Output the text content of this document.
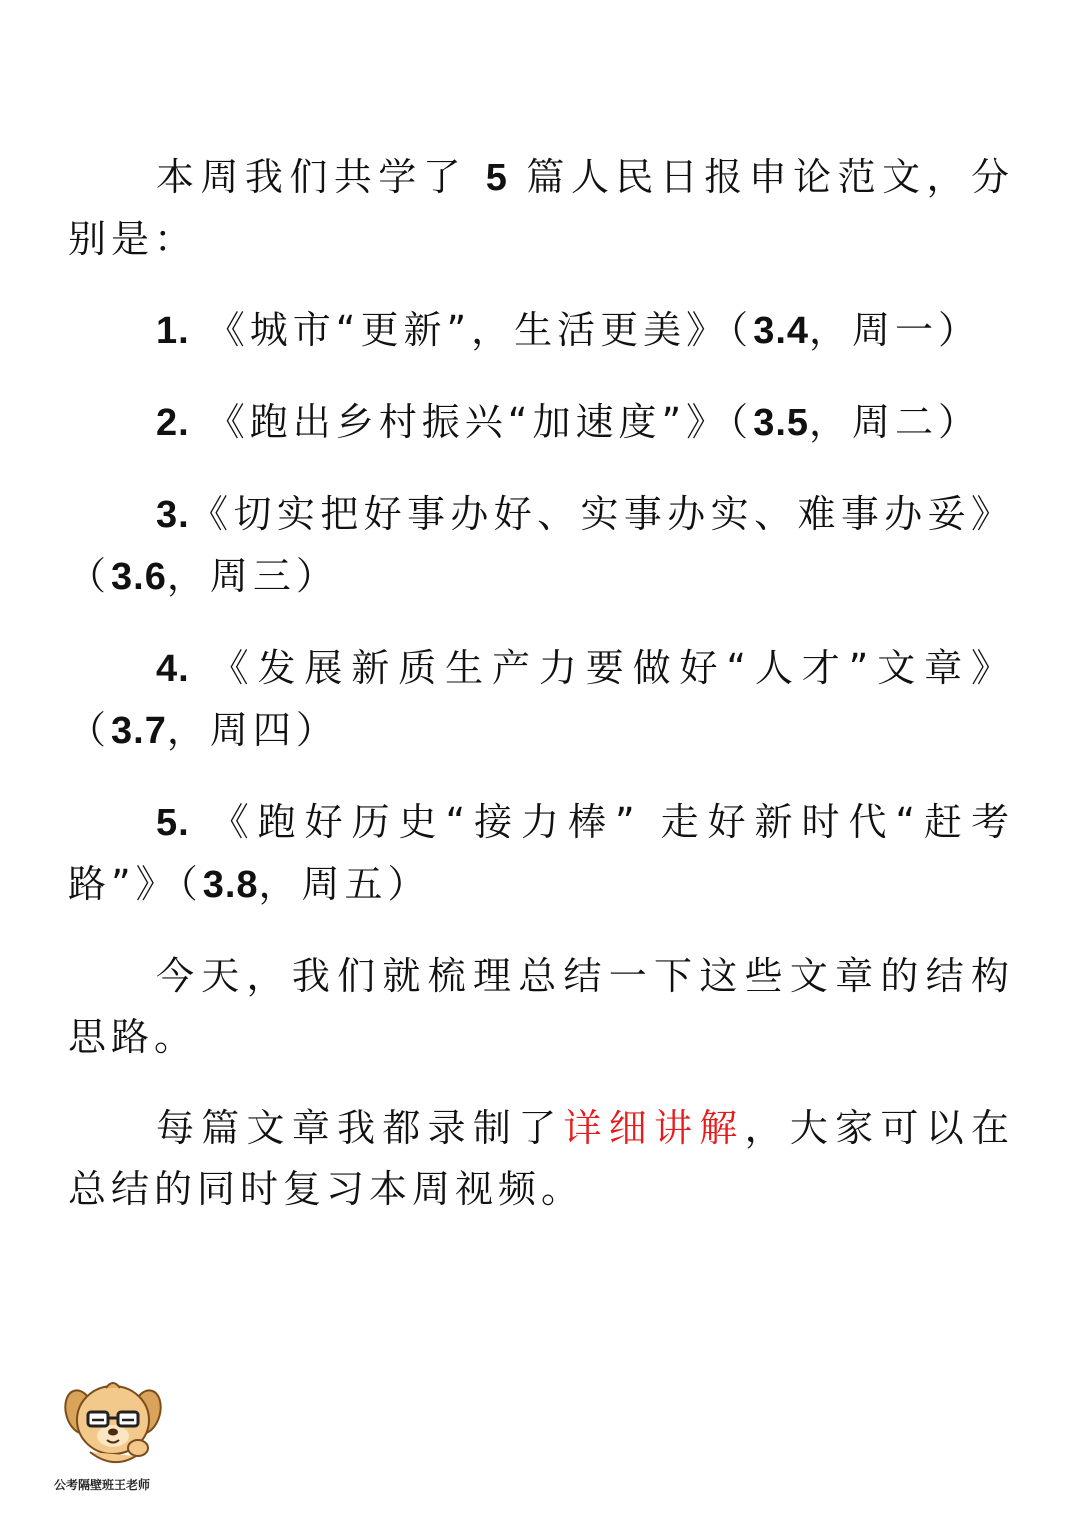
本周我们共学了 5 篇人民日报申论范文，分别是：

1. 《城市“更新”，生活更美》（3.4，周一）

2. 《跑出乡村振兴“加速度”》（3.5，周二）

3.《切实把好事办好、实事办实、难事办妥》（3.6，周三）

4. 《发展新质生产力要做好“人才”文章》（3.7，周四）

5. 《跑好历史“接力棒” 走好新时代“赶考路”》（3.8，周五）

今天，我们就梳理总结一下这些文章的结构思路。

每篇文章我都录制了详细讲解，大家可以在总结的同时复习本周视频。

公考隔壁班王老师
